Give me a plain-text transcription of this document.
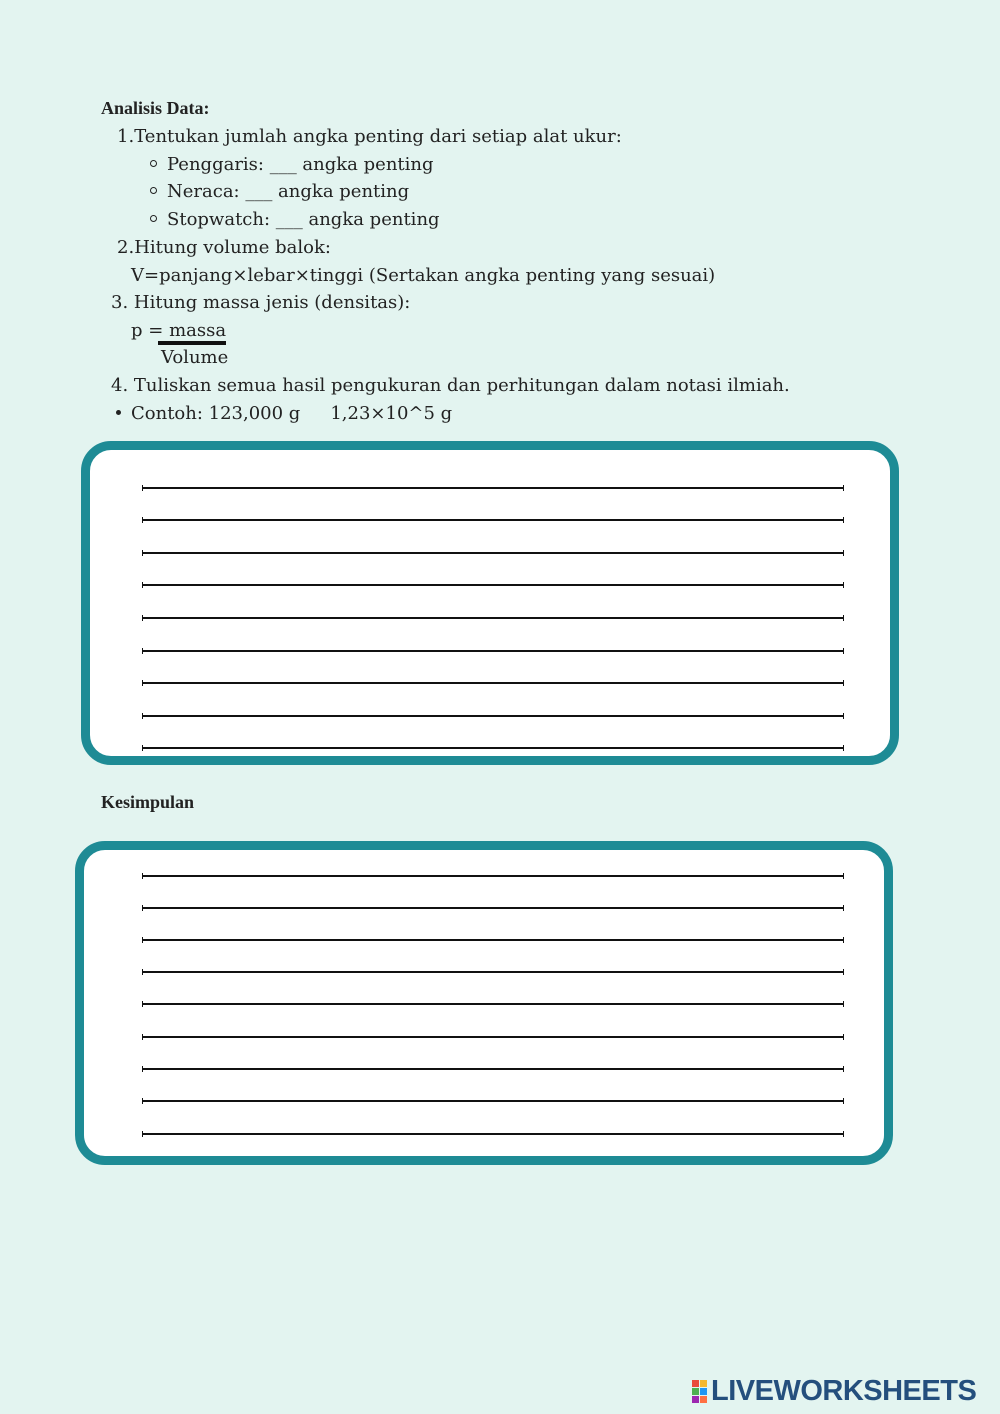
Analisis Data:
1.Tentukan jumlah angka penting dari setiap alat ukur:
Penggaris: ___ angka penting
Neraca: ___ angka penting
Stopwatch: ___ angka penting
2.Hitung volume balok:
V=panjang×lebar×tinggi (Sertakan angka penting yang sesuai)
3. Hitung massa jenis (densitas):
p = massa
Volume
4. Tuliskan semua hasil pengukuran dan perhitungan dalam notasi ilmiah.
Contoh: 123,000 g 1,23×10^5 g
Kesimpulan
LIVEWORKSHEETS
